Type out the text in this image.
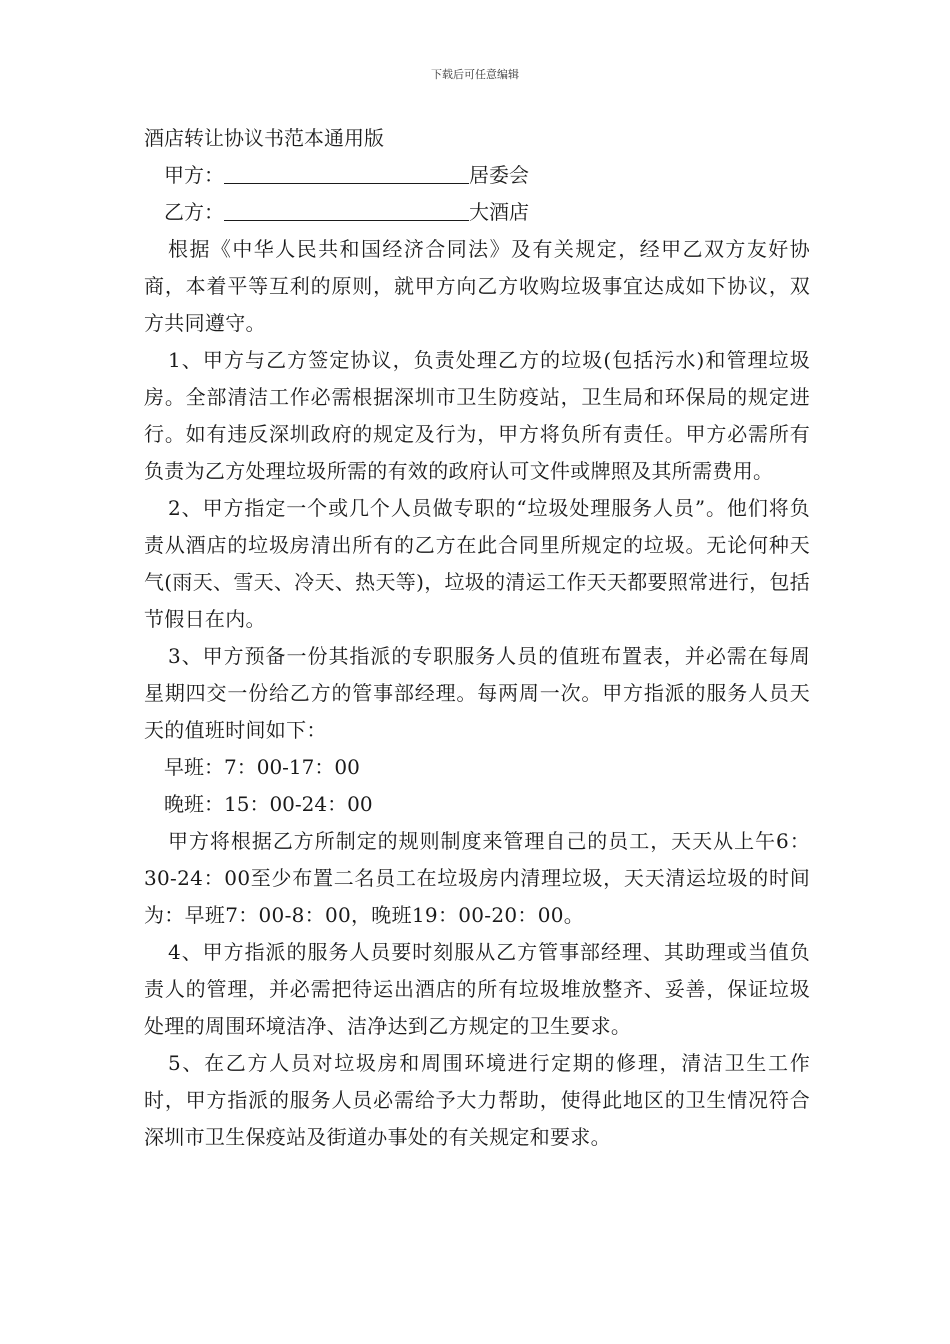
下载后可任意编辑

酒店转让协议书范本通用版

甲方：	居委会

乙方：	大酒店

根据《中华人民共和国经济合同法》及有关规定，经甲乙双方友好协商，本着平等互利的原则，就甲方向乙方收购垃圾事宜达成如下协议，双方共同遵守。

1、甲方与乙方签定协议，负责处理乙方的垃圾(包括污水)和管理垃圾房。全部清洁工作必需根据深圳市卫生防疫站，卫生局和环保局的规定进行。如有违反深圳政府的规定及行为，甲方将负所有责任。甲方必需所有负责为乙方处理垃圾所需的有效的政府认可文件或牌照及其所需费用。

2、甲方指定一个或几个人员做专职的“垃圾处理服务人员”。他们将负责从酒店的垃圾房清出所有的乙方在此合同里所规定的垃圾。无论何种天气(雨天、雪天、冷天、热天等)，垃圾的清运工作天天都要照常进行，包括节假日在内。

3、甲方预备一份其指派的专职服务人员的值班布置表，并必需在每周星期四交一份给乙方的管事部经理。每两周一次。甲方指派的服务人员天天的值班时间如下：

早班：7：00-17：00

晚班：15：00-24：00

甲方将根据乙方所制定的规则制度来管理自己的员工，天天从上午6：30-24：00至少布置二名员工在垃圾房内清理垃圾，天天清运垃圾的时间为：早班7：00-8：00，晚班19：00-20：00。

4、甲方指派的服务人员要时刻服从乙方管事部经理、其助理或当值负责人的管理，并必需把待运出酒店的所有垃圾堆放整齐、妥善，保证垃圾处理的周围环境洁净、洁净达到乙方规定的卫生要求。

5、在乙方人员对垃圾房和周围环境进行定期的修理，清洁卫生工作时，甲方指派的服务人员必需给予大力帮助，使得此地区的卫生情况符合深圳市卫生保疫站及街道办事处的有关规定和要求。
